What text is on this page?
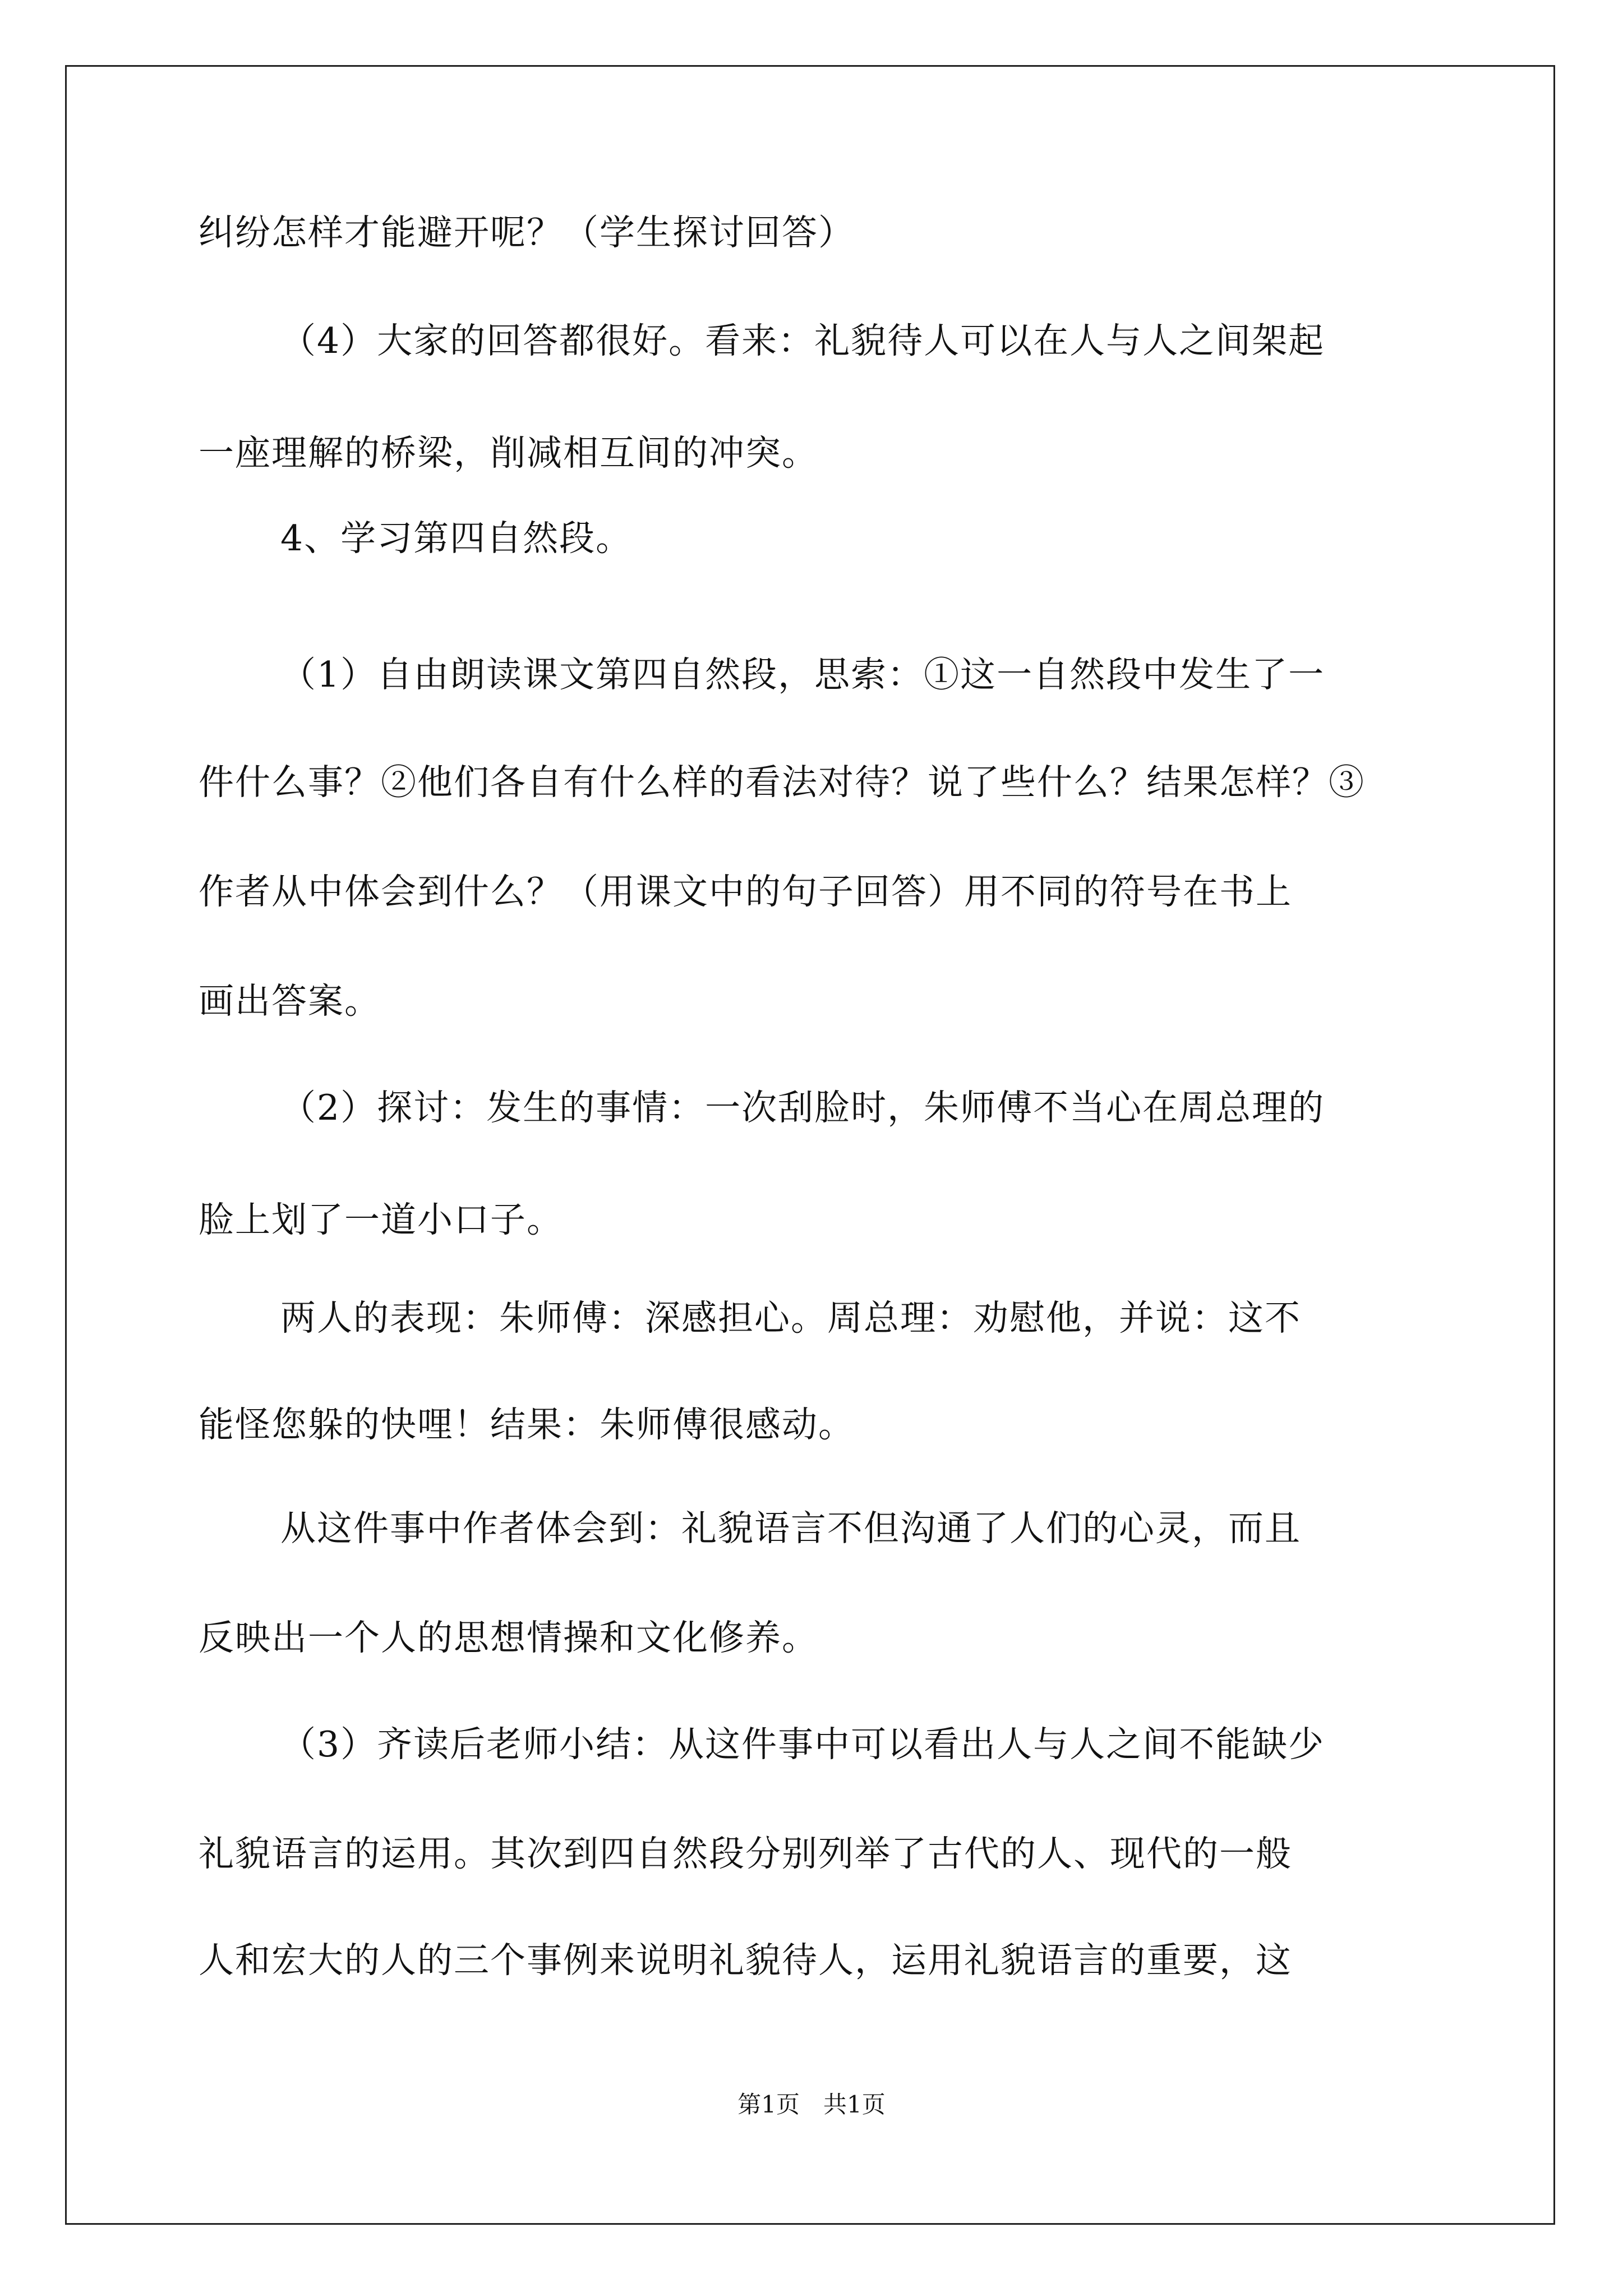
纠纷怎样才能避开呢？（学生探讨回答）
（4）大家的回答都很好。看来：礼貌待人可以在人与人之间架起
一座理解的桥梁，削减相互间的冲突。
4、学习第四自然段。
（1）自由朗读课文第四自然段，思索：①这一自然段中发生了一
件什么事？②他们各自有什么样的看法对待？说了些什么？结果怎样？③
作者从中体会到什么？（用课文中的句子回答）用不同的符号在书上
画出答案。
（2）探讨：发生的事情：一次刮脸时，朱师傅不当心在周总理的
脸上划了一道小口子。
两人的表现：朱师傅：深感担心。周总理：劝慰他，并说：这不
能怪您躲的快哩！结果：朱师傅很感动。
从这件事中作者体会到：礼貌语言不但沟通了人们的心灵，而且
反映出一个人的思想情操和文化修养。
（3）齐读后老师小结：从这件事中可以看出人与人之间不能缺少
礼貌语言的运用。其次到四自然段分别列举了古代的人、现代的一般
人和宏大的人的三个事例来说明礼貌待人，运用礼貌语言的重要，这
第1页　共1页
